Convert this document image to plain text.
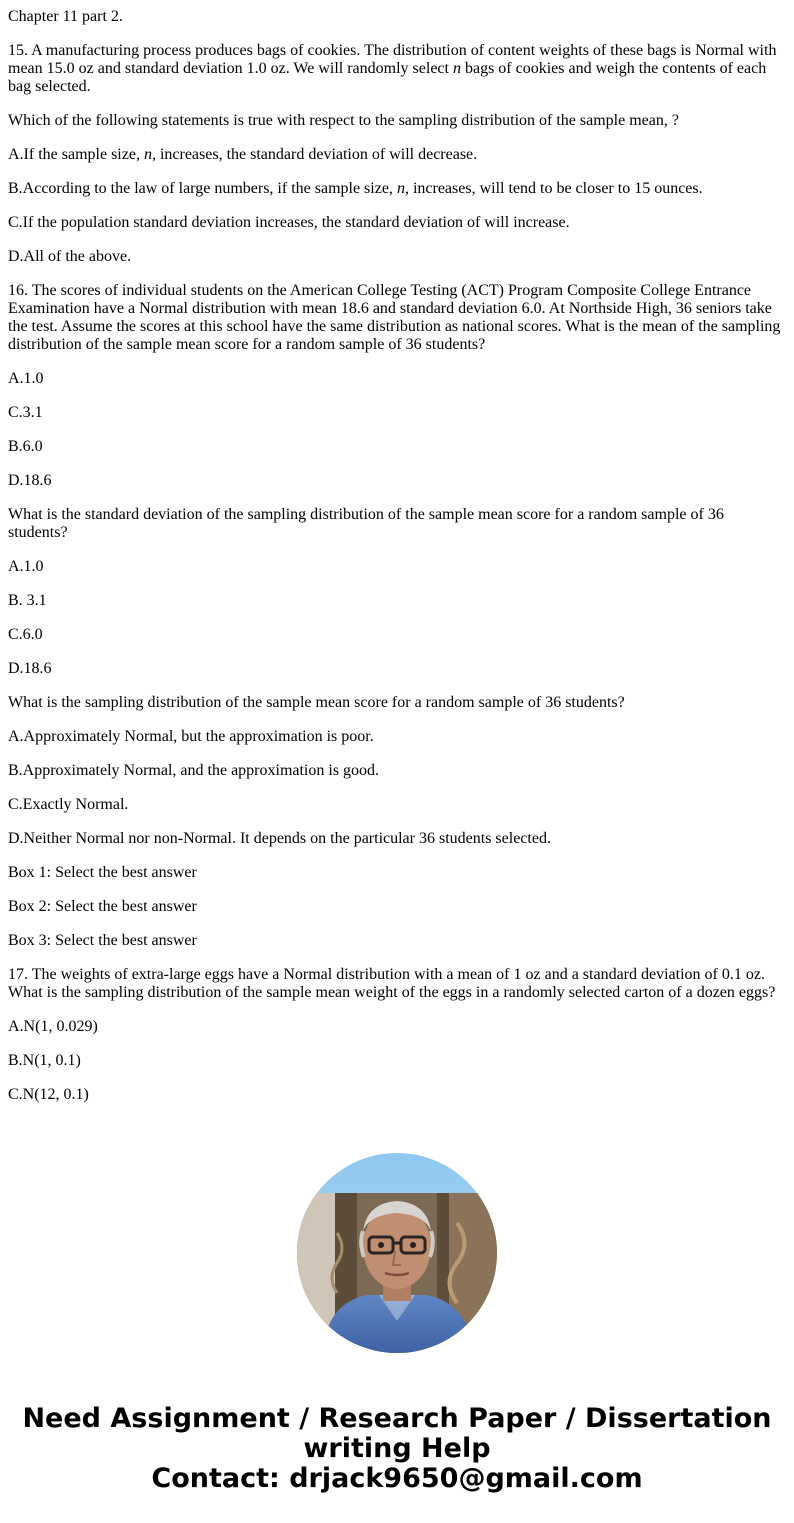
Chapter 11 part 2.
15. A manufacturing process produces bags of cookies. The distribution of content weights of these bags is Normal with mean 15.0 oz and standard deviation 1.0 oz. We will randomly select n bags of cookies and weigh the contents of each bag selected.
Which of the following statements is true with respect to the sampling distribution of the sample mean, ?
A.If the sample size, n, increases, the standard deviation of will decrease.
B.According to the law of large numbers, if the sample size, n, increases, will tend to be closer to 15 ounces.
C.If the population standard deviation increases, the standard deviation of will increase.
D.All of the above.
16. The scores of individual students on the American College Testing (ACT) Program Composite College Entrance Examination have a Normal distribution with mean 18.6 and standard deviation 6.0. At Northside High, 36 seniors take the test. Assume the scores at this school have the same distribution as national scores. What is the mean of the sampling distribution of the sample mean score for a random sample of 36 students?
A.1.0
C.3.1
B.6.0
D.18.6
What is the standard deviation of the sampling distribution of the sample mean score for a random sample of 36 students?
A.1.0
B. 3.1
C.6.0
D.18.6
What is the sampling distribution of the sample mean score for a random sample of 36 students?
A.Approximately Normal, but the approximation is poor.
B.Approximately Normal, and the approximation is good.
C.Exactly Normal.
D.Neither Normal nor non-Normal. It depends on the particular 36 students selected.
Box 1: Select the best answer
Box 2: Select the best answer
Box 3: Select the best answer
17. The weights of extra-large eggs have a Normal distribution with a mean of 1 oz and a standard deviation of 0.1 oz. What is the sampling distribution of the sample mean weight of the eggs in a randomly selected carton of a dozen eggs?
A.N(1, 0.029)
B.N(1, 0.1)
C.N(12, 0.1)
Need Assignment / Research Paper / Dissertation
writing Help
Contact: drjack9650@gmail.com
